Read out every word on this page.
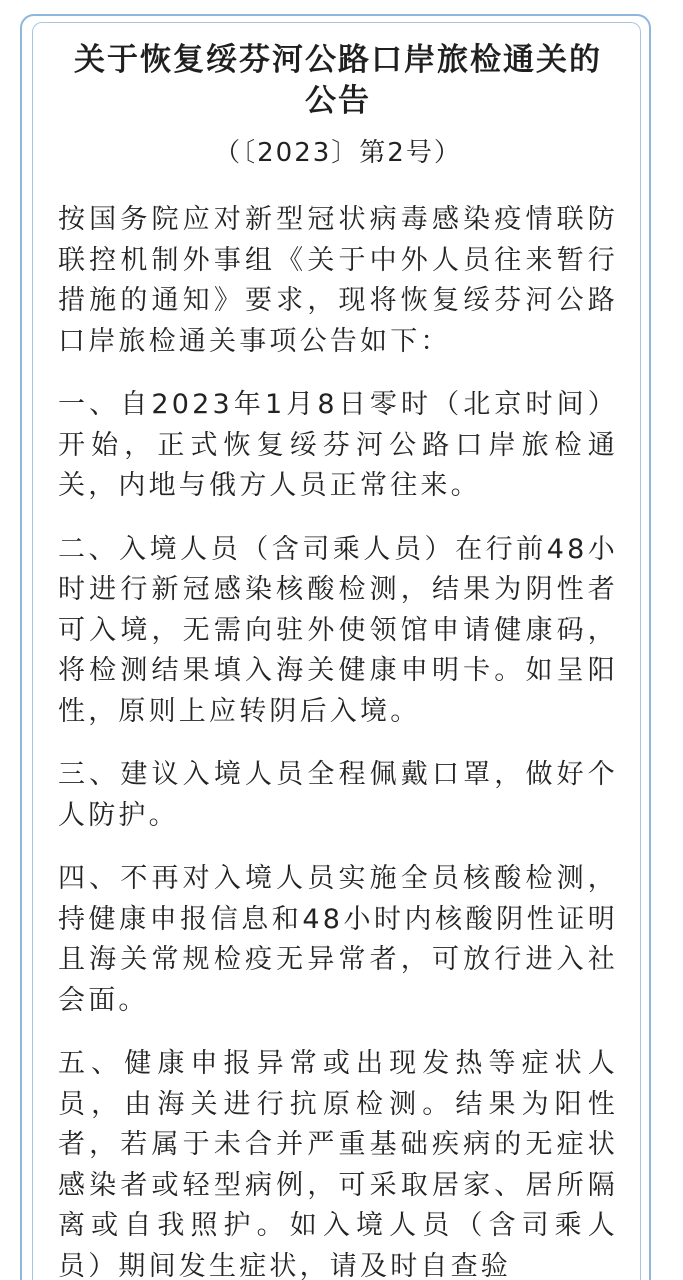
关于恢复绥芬河公路口岸旅检通关的公告
（〔2023〕第2号）

按国务院应对新型冠状病毒感染疫情联防联控机制外事组《关于中外人员往来暂行措施的通知》要求，现将恢复绥芬河公路口岸旅检通关事项公告如下：

一、自2023年1月8日零时（北京时间）开始，正式恢复绥芬河公路口岸旅检通关，内地与俄方人员正常往来。

二、入境人员（含司乘人员）在行前48小时进行新冠感染核酸检测，结果为阴性者可入境，无需向驻外使领馆申请健康码，将检测结果填入海关健康申明卡。如呈阳性，原则上应转阴后入境。

三、建议入境人员全程佩戴口罩，做好个人防护。

四、不再对入境人员实施全员核酸检测，持健康申报信息和48小时内核酸阴性证明且海关常规检疫无异常者，可放行进入社会面。

五、健康申报异常或出现发热等症状人员，由海关进行抗原检测。结果为阳性者，若属于未合并严重基础疾病的无症状感染者或轻型病例，可采取居家、居所隔离或自我照护。如入境人员（含司乘人员）期间发生症状，请及时自查验
